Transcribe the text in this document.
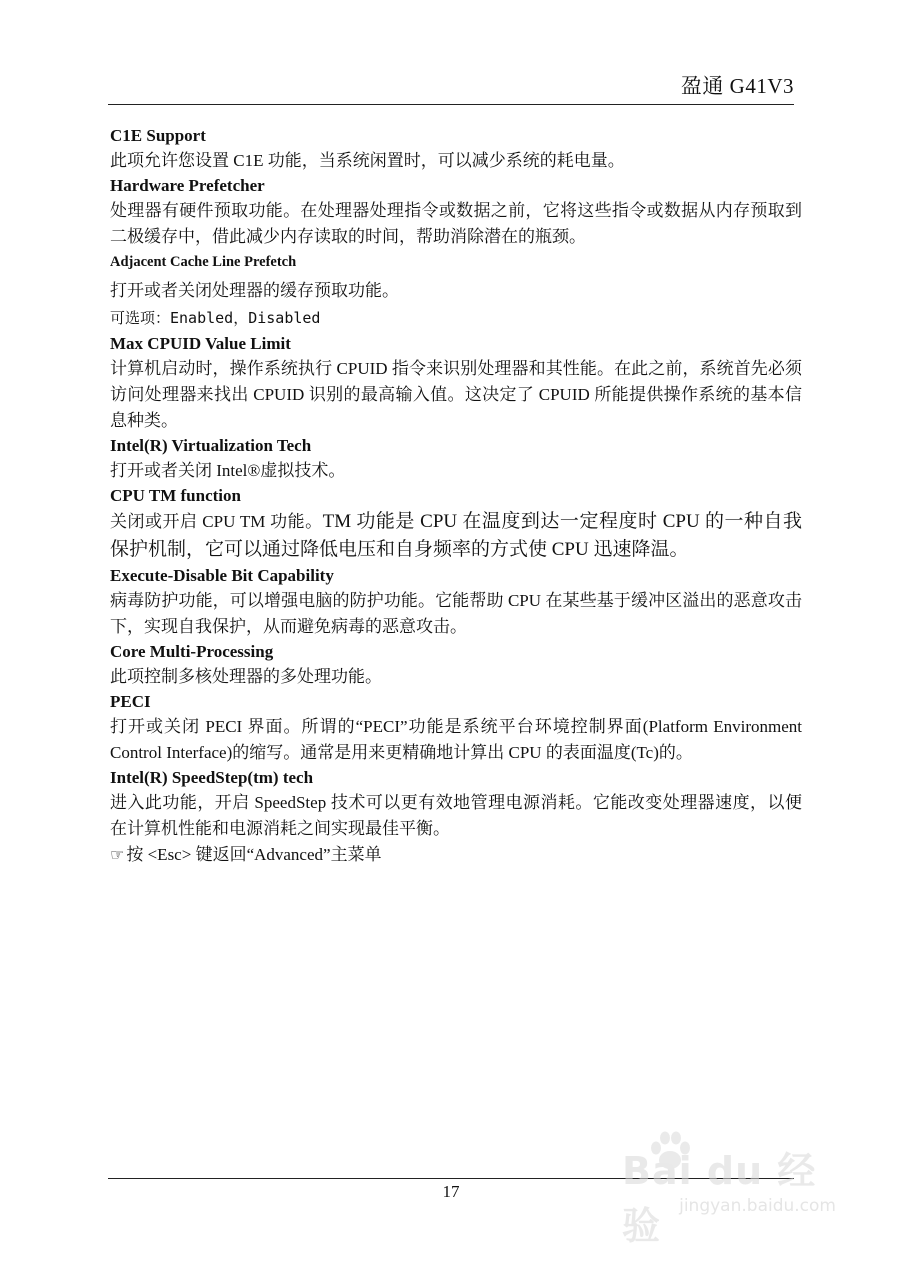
盈通 G41V3

C1E Support

此项允许您设置 C1E 功能，当系统闲置时，可以减少系统的耗电量。

Hardware Prefetcher

处理器有硬件预取功能。在处理器处理指令或数据之前，它将这些指令或数据从内存预取到二极缓存中，借此减少内存读取的时间，帮助消除潜在的瓶颈。

Adjacent Cache Line Prefetch

打开或者关闭处理器的缓存预取功能。

可选项：Enabled，Disabled

Max CPUID Value Limit

计算机启动时，操作系统执行 CPUID 指令来识别处理器和其性能。在此之前，系统首先必须访问处理器来找出 CPUID 识别的最高输入值。这决定了 CPUID 所能提供操作系统的基本信息种类。

Intel(R) Virtualization Tech

打开或者关闭 Intel®虚拟技术。

CPU TM function

关闭或开启 CPU TM 功能。TM 功能是 CPU 在温度到达一定程度时 CPU 的一种自我保护机制，它可以通过降低电压和自身频率的方式使 CPU 迅速降温。

Execute-Disable Bit Capability

病毒防护功能，可以增强电脑的防护功能。它能帮助 CPU 在某些基于缓冲区溢出的恶意攻击下，实现自我保护，从而避免病毒的恶意攻击。

Core Multi-Processing

此项控制多核处理器的多处理功能。

PECI

打开或关闭 PECI 界面。所谓的“PECI”功能是系统平台环境控制界面(Platform Environment Control Interface)的缩写。通常是用来更精确地计算出 CPU 的表面温度(Tc)的。

Intel(R) SpeedStep(tm) tech

进入此功能，开启 SpeedStep 技术可以更有效地管理电源消耗。它能改变处理器速度，以便在计算机性能和电源消耗之间实现最佳平衡。

☞ 按 <Esc> 键返回“Advanced”主菜单

17	Bai du 经验	jingyan.baidu.com
